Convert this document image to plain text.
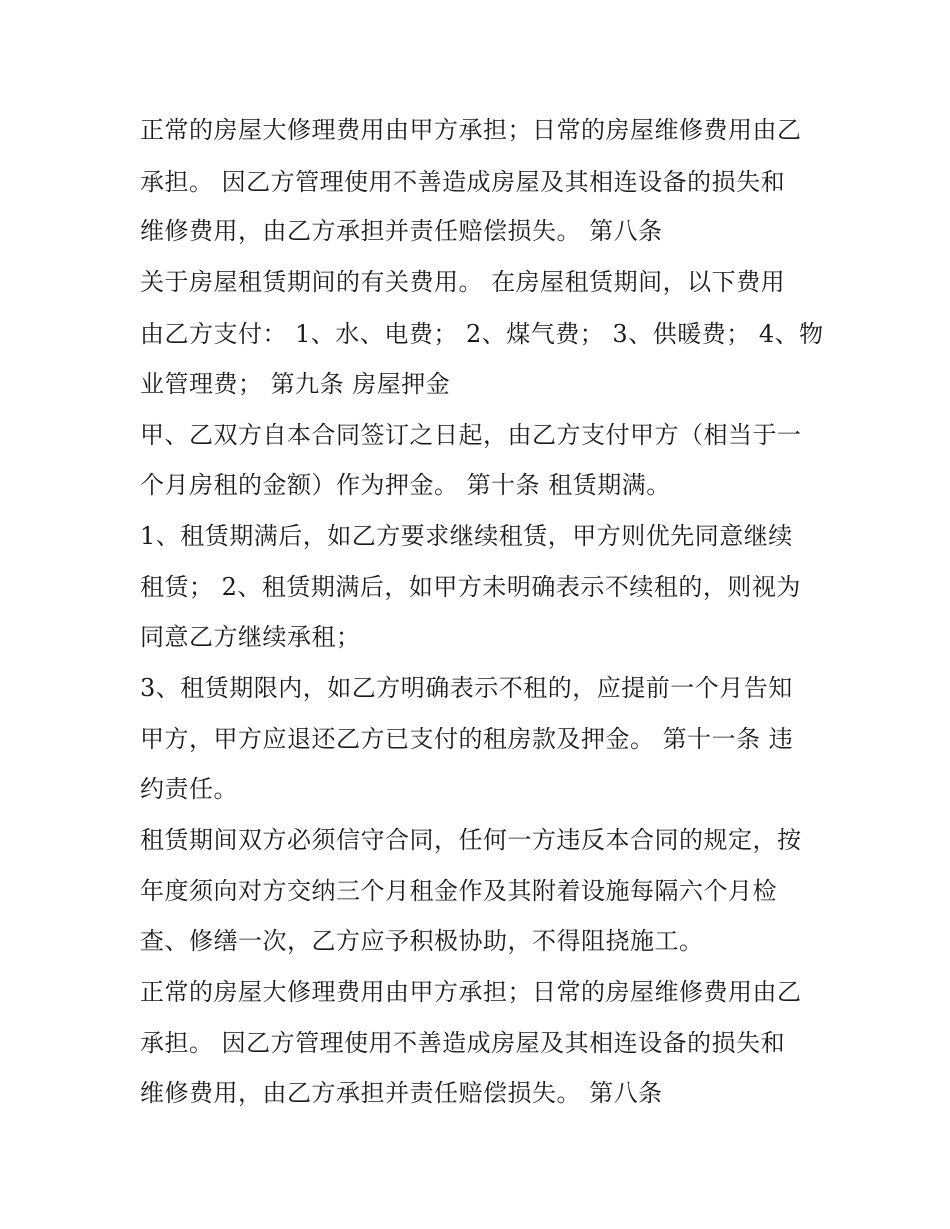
正常的房屋大修理费用由甲方承担；日常的房屋维修费用由乙

承担。 因乙方管理使用不善造成房屋及其相连设备的损失和

维修费用，由乙方承担并责任赔偿损失。 第八条

关于房屋租赁期间的有关费用。 在房屋租赁期间，以下费用

由乙方支付： 1、水、电费； 2、煤气费； 3、供暖费； 4、物

业管理费； 第九条 房屋押金

甲、乙双方自本合同签订之日起，由乙方支付甲方（相当于一

个月房租的金额）作为押金。 第十条 租赁期满。

1、租赁期满后，如乙方要求继续租赁，甲方则优先同意继续

租赁； 2、租赁期满后，如甲方未明确表示不续租的，则视为

同意乙方继续承租；

3、租赁期限内，如乙方明确表示不租的，应提前一个月告知

甲方，甲方应退还乙方已支付的租房款及押金。 第十一条 违

约责任。

租赁期间双方必须信守合同，任何一方违反本合同的规定，按

年度须向对方交纳三个月租金作及其附着设施每隔六个月检

查、修缮一次，乙方应予积极协助，不得阻挠施工。

正常的房屋大修理费用由甲方承担；日常的房屋维修费用由乙

承担。 因乙方管理使用不善造成房屋及其相连设备的损失和

维修费用，由乙方承担并责任赔偿损失。 第八条
